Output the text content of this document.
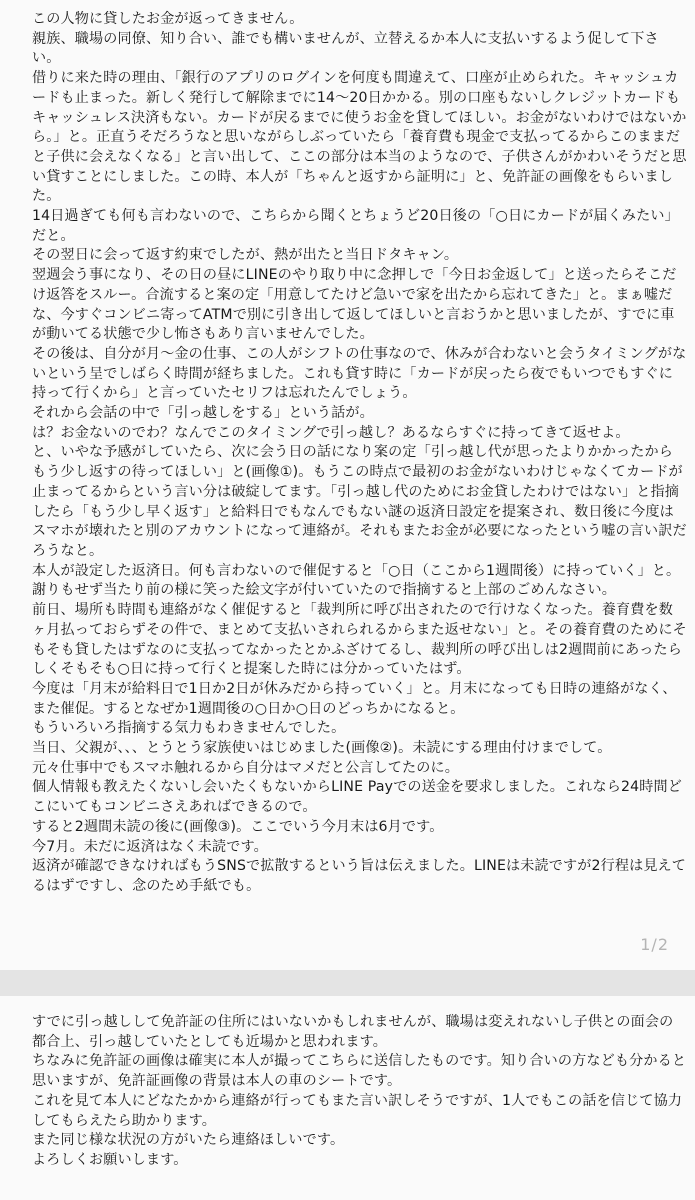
この人物に貸したお金が返ってきません。

親族、職場の同僚、知り合い、誰でも構いませんが、立替えるか本人に支払いするよう促して下さい。

借りに来た時の理由、「銀行のアプリのログインを何度も間違えて、口座が止められた。キャッシュカードも止まった。新しく発行して解除までに14～20日かかる。別の口座もないしクレジットカードもキャッシュレス決済もない。カードが戻るまでに使うお金を貸してほしい。お金がないわけではないから。」と。正直うそだろうなと思いながらしぶっていたら「養育費も現金で支払ってるからこのままだと子供に会えなくなる」と言い出して、ここの部分は本当のようなので、子供さんがかわいそうだと思い貸すことにしました。この時、本人が「ちゃんと返すから証明に」と、免許証の画像をもらいました。

14日過ぎても何も言わないので、こちらから聞くとちょうど20日後の「○日にカードが届くみたい」だと。

その翌日に会って返す約束でしたが、熱が出たと当日ドタキャン。

翌週会う事になり、その日の昼にLINEのやり取り中に念押しで「今日お金返して」と送ったらそこだけ返答をスルー。合流すると案の定「用意してたけど急いで家を出たから忘れてきた」と。まぁ嘘だな、今すぐコンビニ寄ってATMで別に引き出して返してほしいと言おうかと思いましたが、すでに車が動いてる状態で少し怖さもあり言いませんでした。

その後は、自分が月～金の仕事、この人がシフトの仕事なので、休みが合わないと会うタイミングがないという呈でしばらく時間が経ちました。これも貸す時に「カードが戻ったら夜でもいつでもすぐに持って行くから」と言っていたセリフは忘れたんでしょう。

それから会話の中で「引っ越しをする」という話が。

は？お金ないのでわ？なんでこのタイミングで引っ越し？あるならすぐに持ってきて返せよ。

と、いやな予感がしていたら、次に会う日の話になり案の定「引っ越し代が思ったよりかかったからもう少し返すの待ってほしい」と(画像①)。もうこの時点で最初のお金がないわけじゃなくてカードが止まってるからという言い分は破綻してます。「引っ越し代のためにお金貸したわけではない」と指摘したら「もう少し早く返す」と給料日でもなんでもない謎の返済日設定を提案され、数日後に今度はスマホが壊れたと別のアカウントになって連絡が。それもまたお金が必要になったという嘘の言い訳だろうなと。

本人が設定した返済日。何も言わないので催促すると「○日（ここから1週間後）に持っていく」と。謝りもせず当たり前の様に笑った絵文字が付いていたので指摘すると上部のごめんなさい。

前日、場所も時間も連絡がなく催促すると「裁判所に呼び出されたので行けなくなった。養育費を数ヶ月払っておらずその件で、まとめて支払いされられるからまた返せない」と。その養育費のためにそもそも貸したはずなのに支払ってなかったとかふざけてるし、裁判所の呼び出しは2週間前にあったらしくそもそも○日に持って行くと提案した時には分かっていたはず。

今度は「月末が給料日で1日か2日が休みだから持っていく」と。月末になっても日時の連絡がなく、また催促。するとなぜか1週間後の○日か○日のどっちかになると。

もういろいろ指摘する気力もわきませんでした。

当日、父親が、、、とうとう家族使いはじめました(画像②)。未読にする理由付けまでして。

元々仕事中でもスマホ触れるから自分はマメだと公言してたのに。

個人情報も教えたくないし会いたくもないからLINE Payでの送金を要求しました。これなら24時間どこにいてもコンビニさえあればできるので。

すると2週間未読の後に(画像③)。ここでいう今月末は6月です。

今7月。未だに返済はなく未読です。

返済が確認できなければもうSNSで拡散するという旨は伝えました。LINEは未読ですが2行程は見えてるはずですし、念のため手紙でも。

1/2

すでに引っ越しして免許証の住所にはいないかもしれませんが、職場は変えれないし子供との面会の都合上、引っ越していたとしても近場かと思われます。

ちなみに免許証の画像は確実に本人が撮ってこちらに送信したものです。知り合いの方なども分かると思いますが、免許証画像の背景は本人の車のシートです。

これを見て本人にどなたかから連絡が行ってもまた言い訳しそうですが、1人でもこの話を信じて協力してもらえたら助かります。

また同じ様な状況の方がいたら連絡ほしいです。

よろしくお願いします。
